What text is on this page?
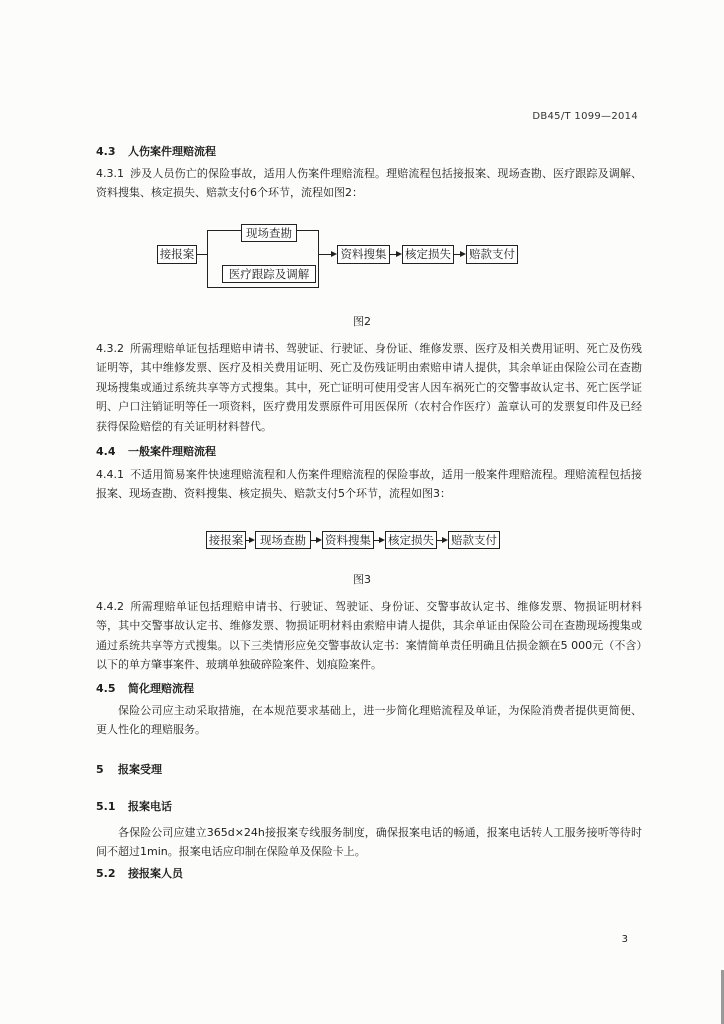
DB45/T 1099—2014
4.3 人伤案件理赔流程
4.3.1 涉及人员伤亡的保险事故，适用人伤案件理赔流程。理赔流程包括接报案、现场查勘、医疗跟踪及调解、资料搜集、核定损失、赔款支付6个环节，流程如图2：
接报案
现场查勘
医疗跟踪及调解
资料搜集	核定损失 赔款支付
图2
4.3.2 所需理赔单证包括理赔申请书、驾驶证、行驶证、身份证、维修发票、医疗及相关费用证明、死亡及伤残证明等，其中维修发票、医疗及相关费用证明、死亡及伤残证明由索赔申请人提供，其余单证由保险公司在查勘现场搜集或通过系统共享等方式搜集。其中，死亡证明可使用受害人因车祸死亡的交警事故认定书、死亡医学证明、户口注销证明等任一项资料，医疗费用发票原件可用医保所（农村合作医疗）盖章认可的发票复印件及已经获得保险赔偿的有关证明材料替代。
4.4 一般案件理赔流程
4.4.1 不适用简易案件快速理赔流程和人伤案件理赔流程的保险事故，适用一般案件理赔流程。理赔流程包括接报案、现场查勘、资料搜集、核定损失、赔款支付5个环节，流程如图3：
接报案	现场查勘	资料搜集 核定损失 赔款支付
图3
4.4.2 所需理赔单证包括理赔申请书、行驶证、驾驶证、身份证、交警事故认定书、维修发票、物损证明材料等，其中交警事故认定书、维修发票、物损证明材料由索赔申请人提供，其余单证由保险公司在查勘现场搜集或通过系统共享等方式搜集。以下三类情形应免交警事故认定书：案情简单责任明确且估损金额在5 000元（不含）以下的单方肇事案件、玻璃单独破碎险案件、划痕险案件。
4.5 简化理赔流程
保险公司应主动采取措施，在本规范要求基础上，进一步简化理赔流程及单证，为保险消费者提供更简便、更人性化的理赔服务。
5 报案受理
5.1 报案电话
各保险公司应建立365d×24h接报案专线服务制度，确保报案电话的畅通，报案电话转人工服务接听等待时间不超过1min。报案电话应印制在保险单及保险卡上。
5.2 接报案人员
3
